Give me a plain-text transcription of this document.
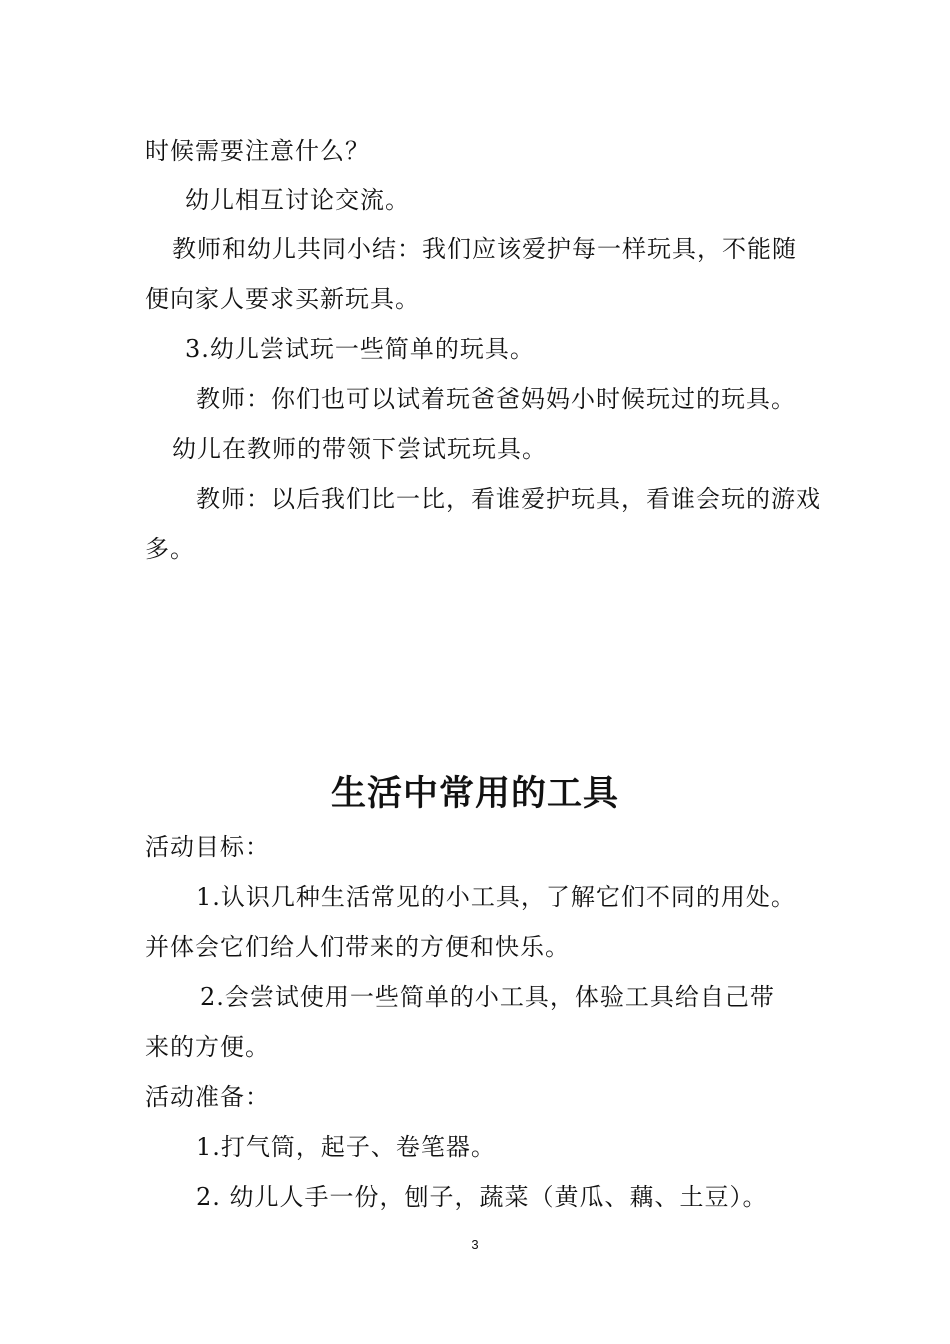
时候需要注意什么？
幼儿相互讨论交流。
教师和幼儿共同小结：我们应该爱护每一样玩具，不能随
便向家人要求买新玩具。
3.幼儿尝试玩一些简单的玩具。
教师：你们也可以试着玩爸爸妈妈小时候玩过的玩具。
幼儿在教师的带领下尝试玩玩具。
教师：以后我们比一比，看谁爱护玩具，看谁会玩的游戏
多。
生活中常用的工具
活动目标：
1.认识几种生活常见的小工具，了解它们不同的用处。
并体会它们给人们带来的方便和快乐。
2.会尝试使用一些简单的小工具，体验工具给自己带
来的方便。
活动准备：
1.打气筒，起子、卷笔器。
2. 幼儿人手一份，刨子，蔬菜（黄瓜、藕、土豆）。
3
